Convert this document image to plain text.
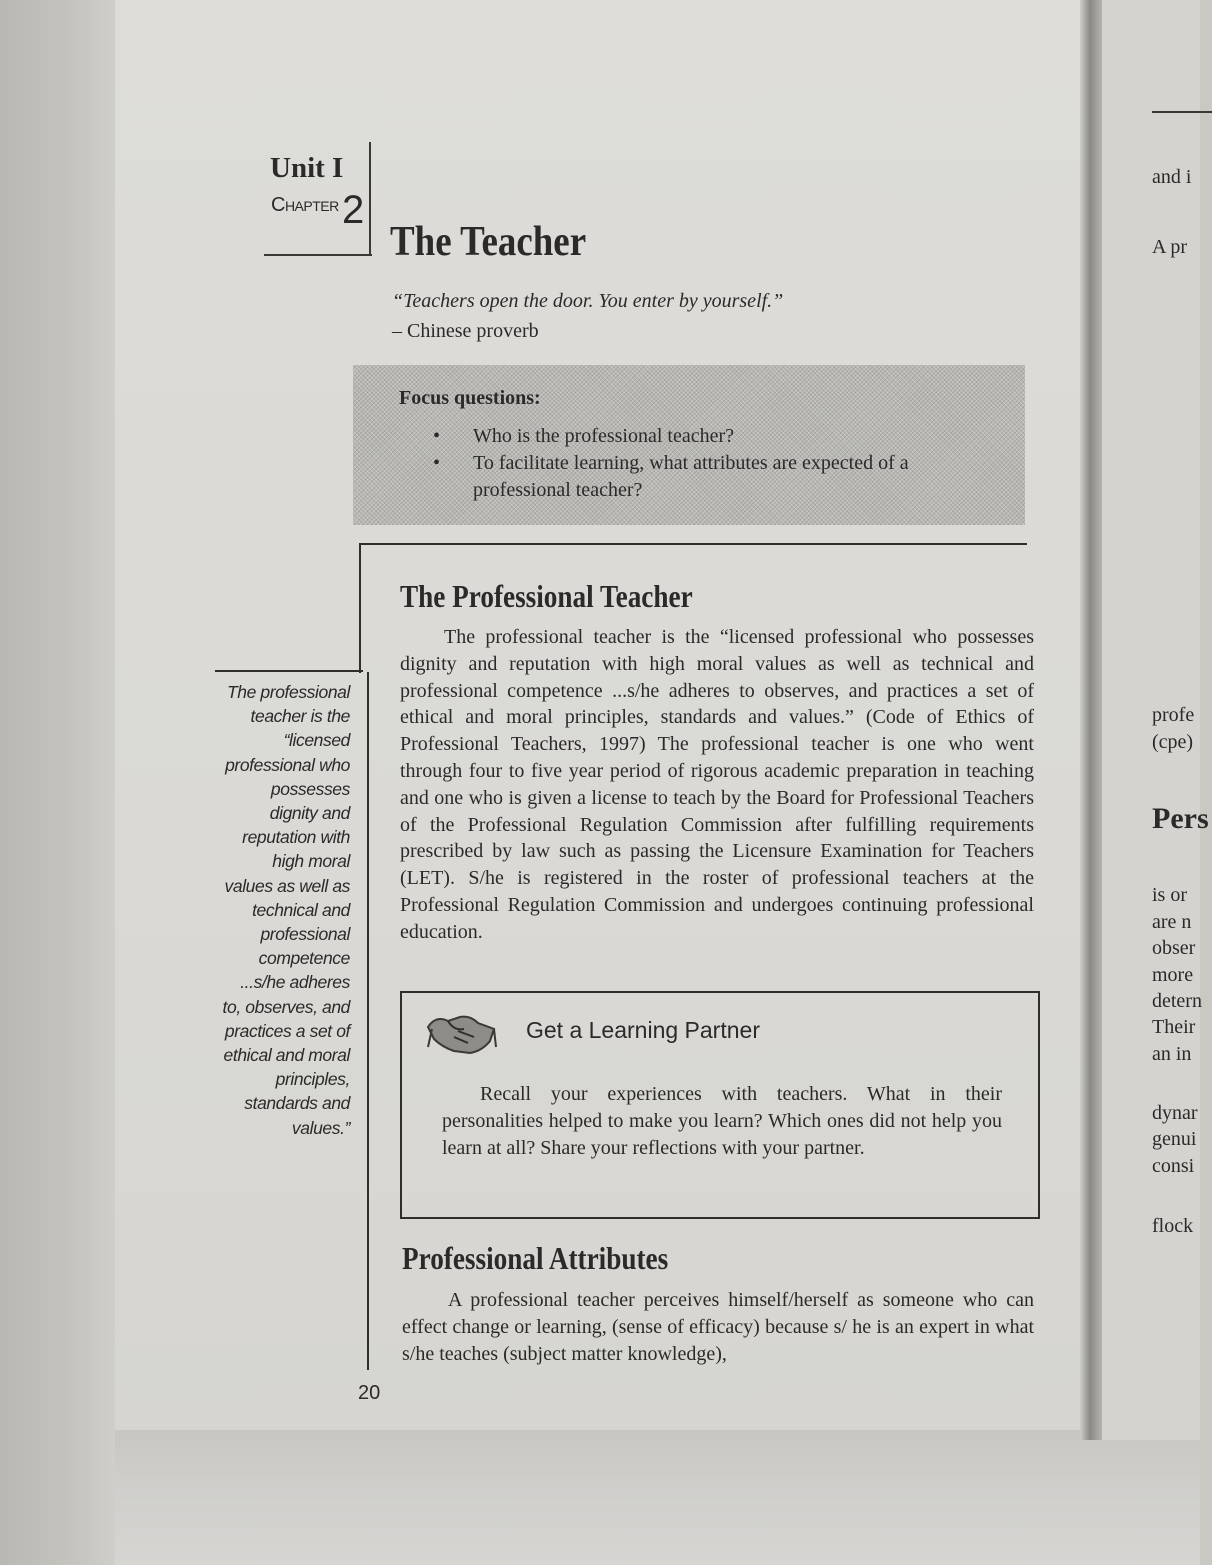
and i
A pr
profe
(cpe)
Pers
is or
are n
obser
more
detern
Their
an in
dynar
genui
consi
flock
Unit I
Chapter 2
The Teacher
“Teachers open the door. You enter by yourself.”
– Chinese proverb
Focus questions:
• Who is the professional teacher?
• To facilitate learning, what attributes are expected of a professional teacher?
The professional teacher is the “licensed professional who possesses dignity and reputation with high moral values as well as technical and professional competence ...s/he adheres to, observes, and practices a set of ethical and moral principles, standards and values.”
The Professional Teacher
The professional teacher is the “licensed professional who possesses dignity and reputation with high moral values as well as technical and professional competence ...s/he adheres to observes, and practices a set of ethical and moral principles, standards and values.” (Code of Ethics of Professional Teachers, 1997) The professional teacher is one who went through four to five year period of rigorous academic preparation in teaching and one who is given a license to teach by the Board for Professional Teachers of the Professional Regulation Commission after fulfilling requirements prescribed by law such as passing the Licensure Examination for Teachers (LET). S/he is registered in the roster of professional teachers at the Professional Regulation Commission and undergoes continuing professional education.
Get a Learning Partner
Recall your experiences with teachers. What in their personalities helped to make you learn? Which ones did not help you learn at all? Share your reflections with your partner.
Professional Attributes
A professional teacher perceives himself/herself as someone who can effect change or learning, (sense of efficacy) because s/ he is an expert in what s/he teaches (subject matter knowledge),
20
